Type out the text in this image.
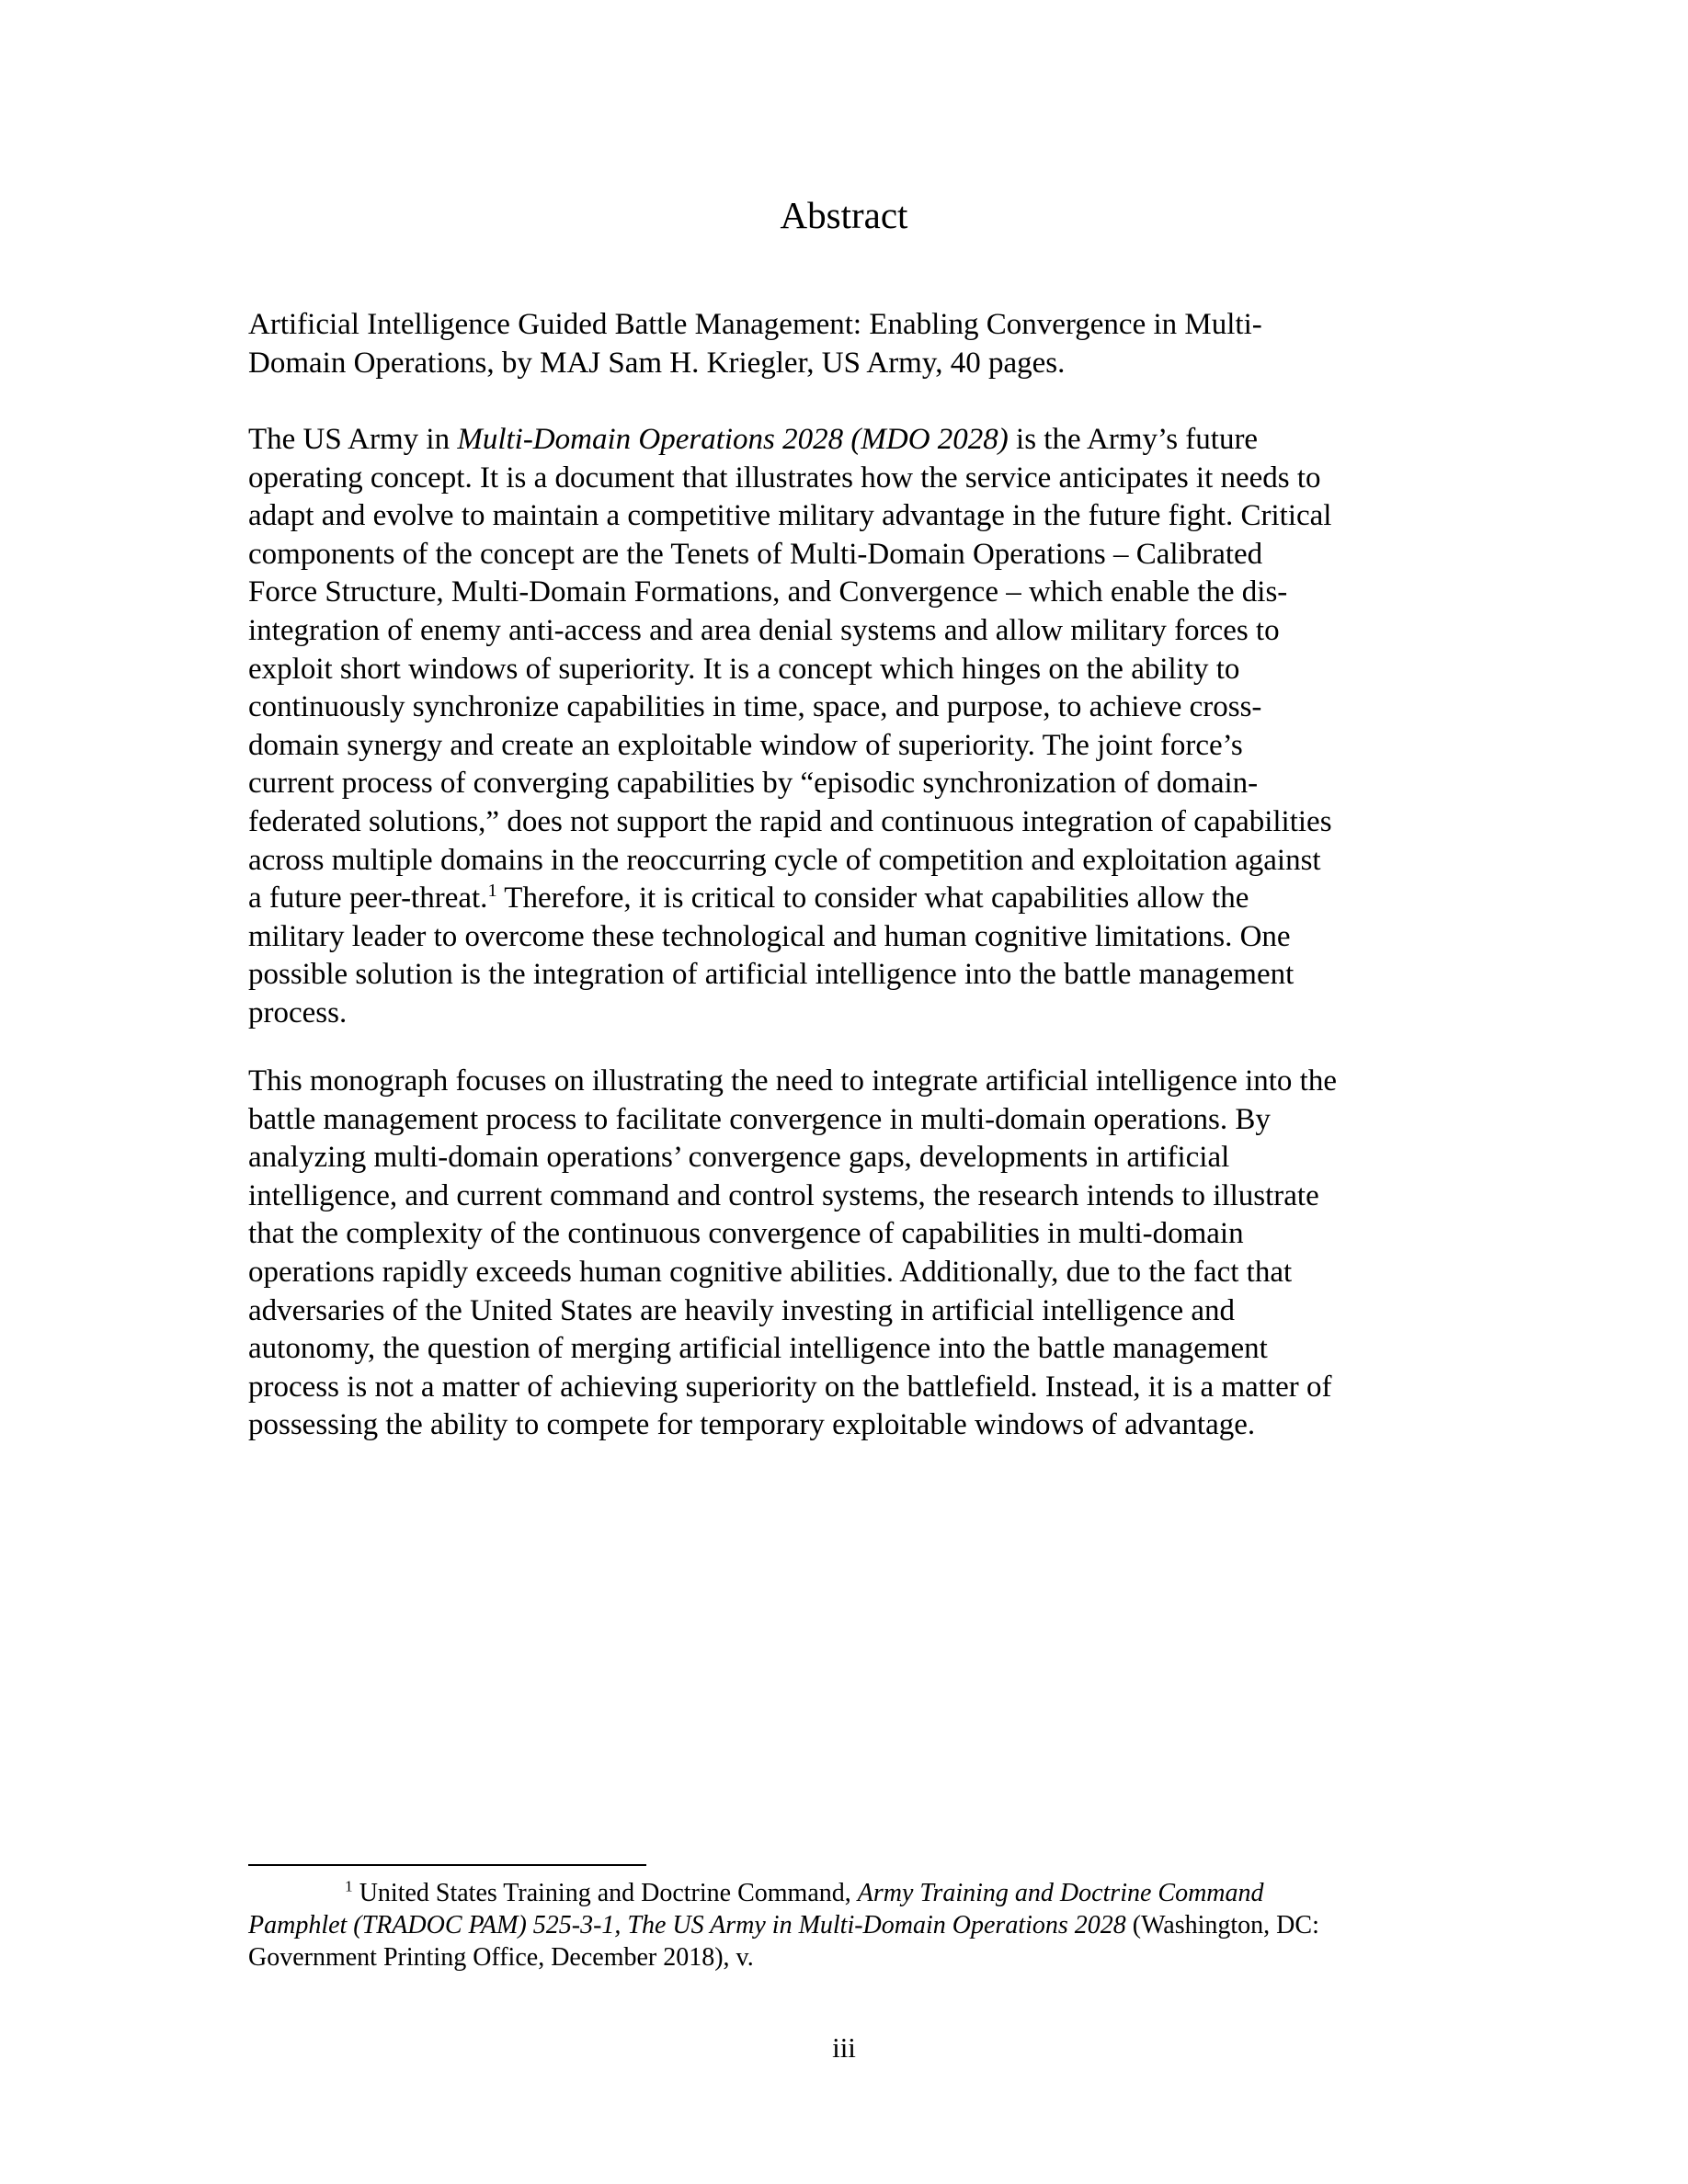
Abstract

Artificial Intelligence Guided Battle Management: Enabling Convergence in Multi-
Domain Operations, by MAJ Sam H. Kriegler, US Army, 40 pages.

The US Army in Multi-Domain Operations 2028 (MDO 2028) is the Army’s future
operating concept. It is a document that illustrates how the service anticipates it needs to
adapt and evolve to maintain a competitive military advantage in the future fight. Critical
components of the concept are the Tenets of Multi-Domain Operations – Calibrated
Force Structure, Multi-Domain Formations, and Convergence – which enable the dis-
integration of enemy anti-access and area denial systems and allow military forces to
exploit short windows of superiority. It is a concept which hinges on the ability to
continuously synchronize capabilities in time, space, and purpose, to achieve cross-
domain synergy and create an exploitable window of superiority. The joint force’s
current process of converging capabilities by “episodic synchronization of domain-
federated solutions,” does not support the rapid and continuous integration of capabilities
across multiple domains in the reoccurring cycle of competition and exploitation against
a future peer-threat.$^1$ Therefore, it is critical to consider what capabilities allow the
military leader to overcome these technological and human cognitive limitations. One
possible solution is the integration of artificial intelligence into the battle management
process.

This monograph focuses on illustrating the need to integrate artificial intelligence into the
battle management process to facilitate convergence in multi-domain operations. By
analyzing multi-domain operations’ convergence gaps, developments in artificial
intelligence, and current command and control systems, the research intends to illustrate
that the complexity of the continuous convergence of capabilities in multi-domain
operations rapidly exceeds human cognitive abilities. Additionally, due to the fact that
adversaries of the United States are heavily investing in artificial intelligence and
autonomy, the question of merging artificial intelligence into the battle management
process is not a matter of achieving superiority on the battlefield. Instead, it is a matter of
possessing the ability to compete for temporary exploitable windows of advantage.

$^1$ United States Training and Doctrine Command, Army Training and Doctrine Command
Pamphlet (TRADOC PAM) 525-3-1, The US Army in Multi-Domain Operations 2028 (Washington, DC:
Government Printing Office, December 2018), v.

iii
